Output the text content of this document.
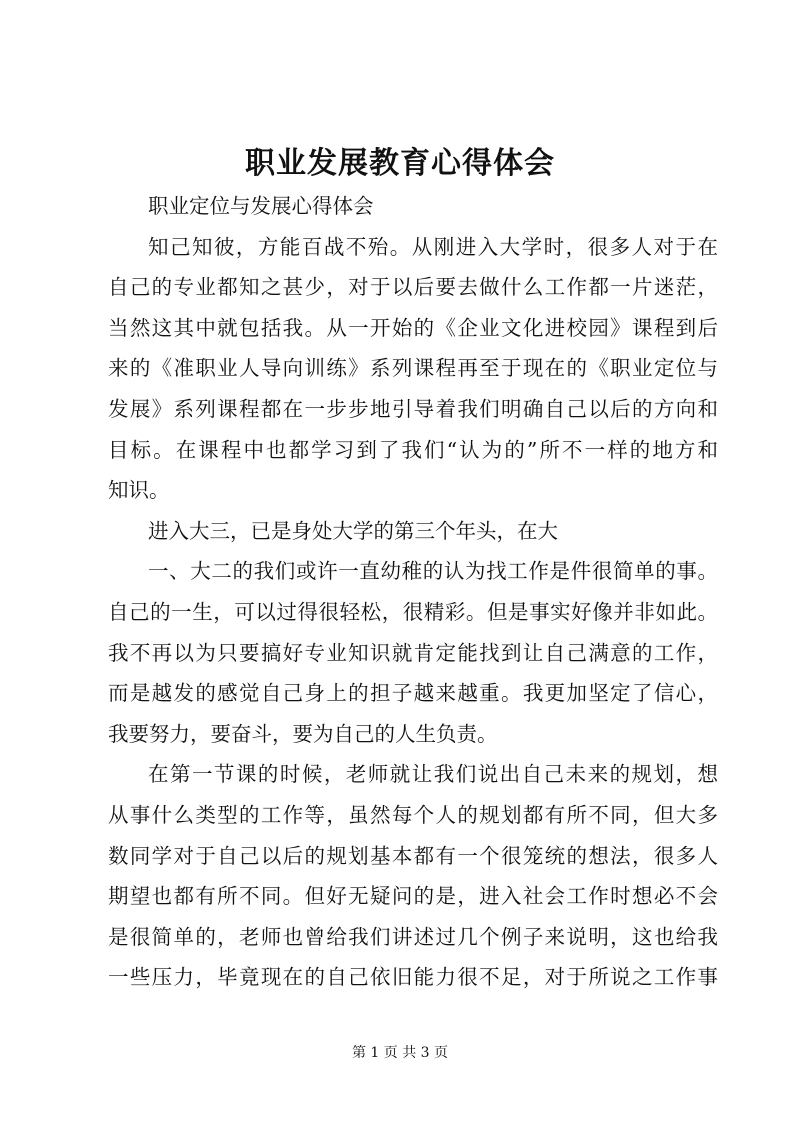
职业发展教育心得体会
职业定位与发展心得体会
知己知彼，方能百战不殆。从刚进入大学时，很多人对于在
自己的专业都知之甚少，对于以后要去做什么工作都一片迷茫，
当然这其中就包括我。从一开始的《企业文化进校园》课程到后
来的《准职业人导向训练》系列课程再至于现在的《职业定位与
发展》系列课程都在一步步地引导着我们明确自己以后的方向和
目标。在课程中也都学习到了我们“认为的”所不一样的地方和
知识。
进入大三，已是身处大学的第三个年头，在大
一、大二的我们或许一直幼稚的认为找工作是件很简单的事。
自己的一生，可以过得很轻松，很精彩。但是事实好像并非如此。
我不再以为只要搞好专业知识就肯定能找到让自己满意的工作，
而是越发的感觉自己身上的担子越来越重。我更加坚定了信心，
我要努力，要奋斗，要为自己的人生负责。
在第一节课的时候，老师就让我们说出自己未来的规划，想
从事什么类型的工作等，虽然每个人的规划都有所不同，但大多
数同学对于自己以后的规划基本都有一个很笼统的想法，很多人
期望也都有所不同。但好无疑问的是，进入社会工作时想必不会
是很简单的，老师也曾给我们讲述过几个例子来说明，这也给我
一些压力，毕竟现在的自己依旧能力很不足，对于所说之工作事
第 1 页 共 3 页
